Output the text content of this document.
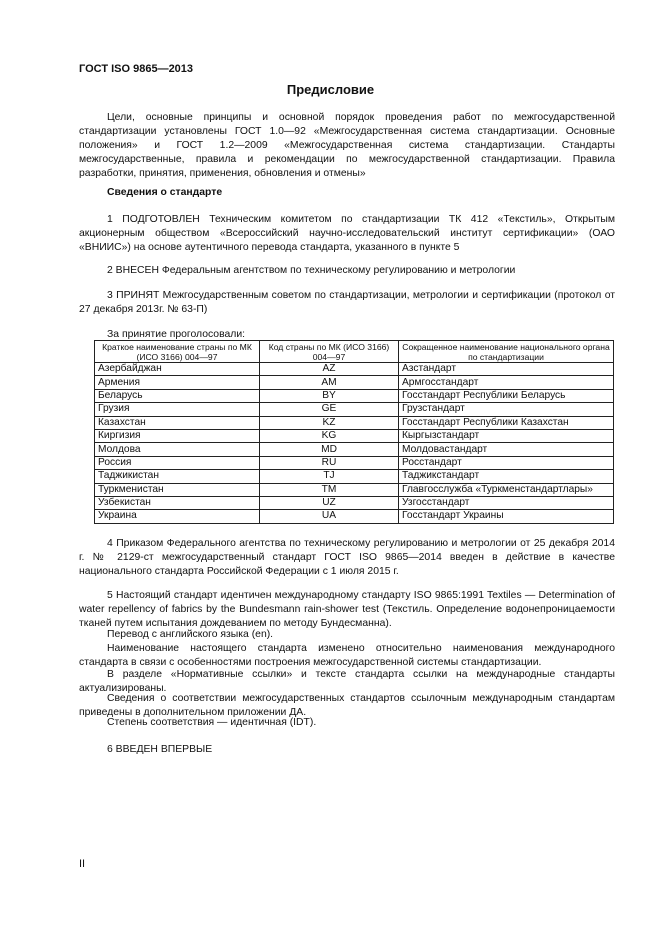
ГОСТ ISO 9865—2013
Предисловие
Цели, основные принципы и основной порядок проведения работ по межгосударственной стандартизации установлены ГОСТ 1.0—92 «Межгосударственная система стандартизации. Основные положения» и ГОСТ 1.2—2009 «Межгосударственная система стандартизации. Стандарты межгосударственные, правила и рекомендации по межгосударственной стандартизации. Правила разработки, принятия, применения, обновления и отмены»
Сведения о стандарте
1 ПОДГОТОВЛЕН Техническим комитетом по стандартизации ТК 412 «Текстиль», Открытым акционерным обществом «Всероссийский научно-исследовательский институт сертификации» (ОАО «ВНИИС») на основе аутентичного перевода стандарта, указанного в пункте 5
2 ВНЕСЕН Федеральным агентством по техническому регулированию и метрологии
3 ПРИНЯТ Межгосударственным советом по стандартизации, метрологии и сертификации (протокол от 27 декабря 2013г. № 63-П)
За принятие проголосовали:
Краткое наименование страны по МК (ИСО 3166) 004—97	Код страны по МК (ИСО 3166) 004—97	Сокращенное наименование национального органа по стандартизации
Азербайджан	AZ	Азстандарт
Армения	AM	Армгосстандарт
Беларусь	BY	Госстандарт Республики Беларусь
Грузия	GE	Грузстандарт
Казахстан	KZ	Госстандарт Республики Казахстан
Киргизия	KG	Кыргызстандарт
Молдова	MD	Молдовастандарт
Россия	RU	Росстандарт
Таджикистан	TJ	Таджикстандарт
Туркменистан	TM	Главгосслужба «Туркменстандартлары»
Узбекистан	UZ	Узгосстандарт
Украина	UA	Госстандарт Украины
4 Приказом Федерального агентства по техническому регулированию и метрологии от 25 декабря 2014 г. № 2129-ст межгосударственный стандарт ГОСТ ISO 9865—2014 введен в действие в качестве национального стандарта Российской Федерации с 1 июля 2015 г.
5 Настоящий стандарт идентичен международному стандарту ISO 9865:1991 Textiles — Determination of water repellency of fabrics by the Bundesmann rain-shower test (Текстиль. Определение водонепроницаемости тканей путем испытания дождеванием по методу Бундесманна).
Перевод с английского языка (en).
Наименование настоящего стандарта изменено относительно наименования международного стандарта в связи с особенностями построения межгосударственной системы стандартизации.
В разделе «Нормативные ссылки» и тексте стандарта ссылки на международные стандарты актуализированы.
Сведения о соответствии межгосударственных стандартов ссылочным международным стандартам приведены в дополнительном приложении ДА.
Степень соответствия — идентичная (IDT).
6 ВВЕДЕН ВПЕРВЫЕ
II
